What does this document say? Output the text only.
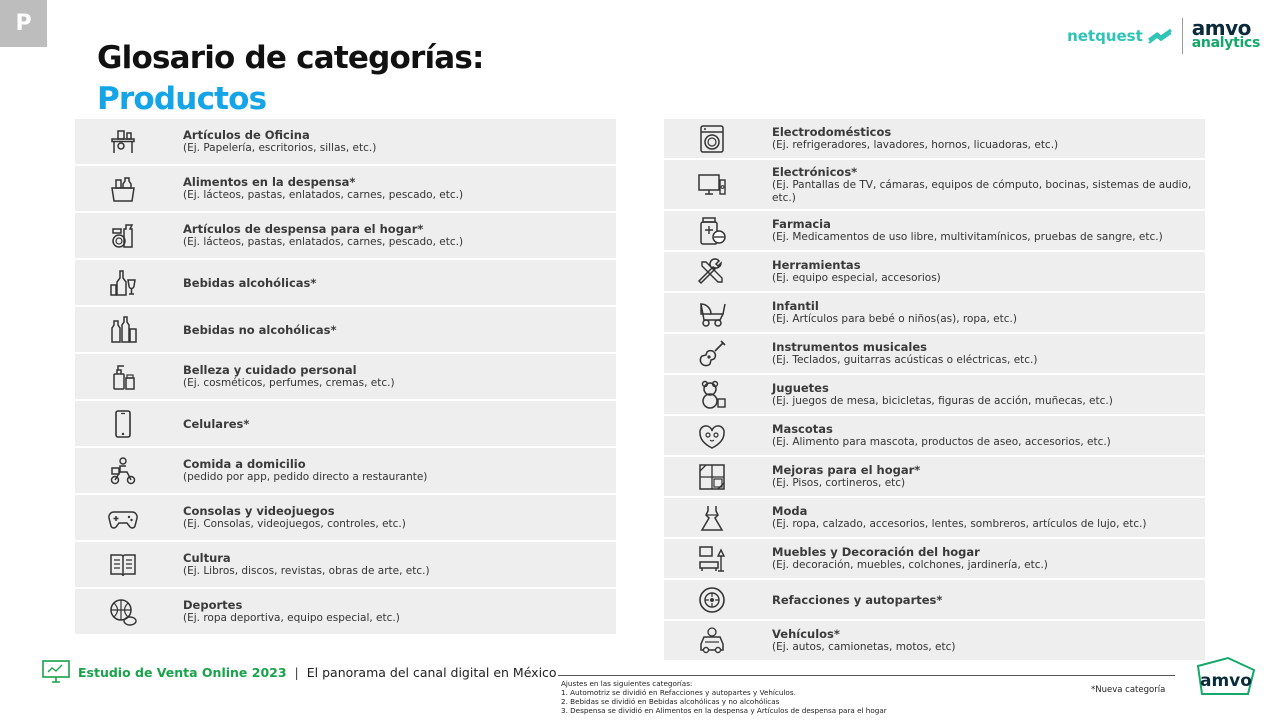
P
Glosario de categorías:
Productos
netquest amvo
analytics
Artículos de Oficina
(Ej. Papelería, escritorios, sillas, etc.)
Alimentos en la despensa*
(Ej. lácteos, pastas, enlatados, carnes, pescado, etc.)
Artículos de despensa para el hogar*
(Ej. lácteos, pastas, enlatados, carnes, pescado, etc.)
Bebidas alcohólicas*
Bebidas no alcohólicas*
Belleza y cuidado personal
(Ej. cosméticos, perfumes, cremas, etc.)
Celulares*
Comida a domicilio
(pedido por app, pedido directo a restaurante)
Consolas y videojuegos
(Ej. Consolas, videojuegos, controles, etc.)
Cultura
(Ej. Libros, discos, revistas, obras de arte, etc.)
Deportes
(Ej. ropa deportiva, equipo especial, etc.)
Electrodomésticos
(Ej. refrigeradores, lavadores, hornos, licuadoras, etc.)
Electrónicos*
(Ej. Pantallas de TV, cámaras, equipos de cómputo, bocinas, sistemas de audio, etc.)
Farmacia
(Ej. Medicamentos de uso libre, multivitamínicos, pruebas de sangre, etc.)
Herramientas
(Ej. equipo especial, accesorios)
Infantil
(Ej. Artículos para bebé o niños(as), ropa, etc.)
Instrumentos musicales
(Ej. Teclados, guitarras acústicas o eléctricas, etc.)
Juguetes
(Ej. juegos de mesa, bicicletas, figuras de acción, muñecas, etc.)
Mascotas
(Ej. Alimento para mascota, productos de aseo, accesorios, etc.)
Mejoras para el hogar*
(Ej. Pisos, cortineros, etc)
Moda
(Ej. ropa, calzado, accesorios, lentes, sombreros, artículos de lujo, etc.)
Muebles y Decoración del hogar
(Ej. decoración, muebles, colchones, jardinería, etc.)
Refacciones y autopartes*
Vehículos*
(Ej. autos, camionetas, motos, etc)
Estudio de Venta Online 2023 | El panorama del canal digital en México
Ajustes en las siguientes categorías:
1. Automotriz se dividió en Refacciones y autopartes y Vehículos.
2. Bebidas se dividió en Bebidas alcohólicas y no alcohólicas
3. Despensa se dividió en Alimentos en la despensa y Artículos de despensa para el hogar
*Nueva categoría amvo
